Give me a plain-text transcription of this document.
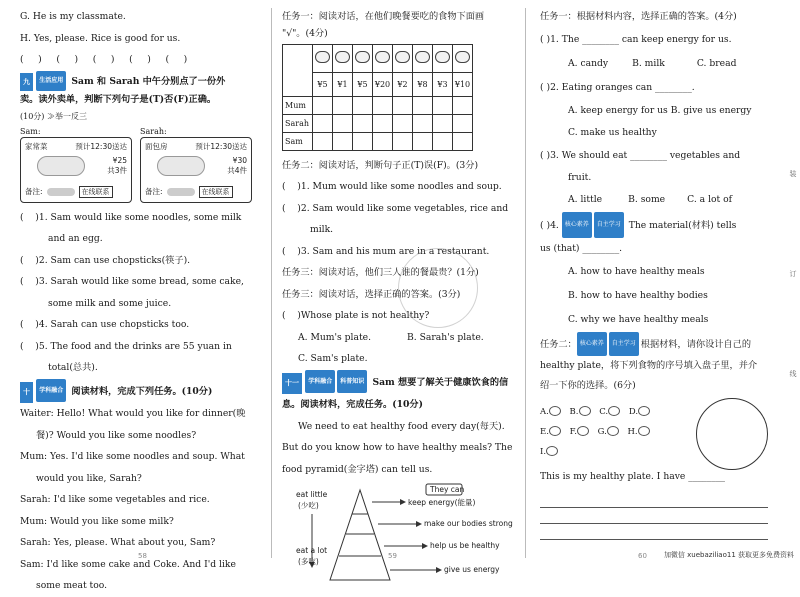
G. He is my classmate.
H. Yes, please. Rice is good for us.
(     )     (     )     (     )     (     )     (     )
九 生活应用 Sam 和 Sarah 中午分别点了一份外
卖。读外卖单，判断下列句子是(T)否(F)正确。
(10分) ≫举一反三
Sam:
家常菜	预计12:30送达
¥25
共3件
备注:	在线联系
Sarah:
面包房	预计12:30送达
¥30
共4件
备注:	在线联系
(    )1. Sam would like some noodles, some milk
and an egg.
(    )2. Sam can use chopsticks(筷子).
(    )3. Sarah would like some bread, some cake,
some milk and some juice.
(    )4. Sarah can use chopsticks too.
(    )5. The food and the drinks are 55 yuan in
total(总共).
十 学科融合 阅读材料，完成下列任务。(10分)
Waiter: Hello! What would you like for dinner(晚
餐)? Would you like some noodles?
Mum: Yes. I'd like some noodles and soup. What
would you like, Sarah?
Sarah: I'd like some vegetables and rice.
Mum: Would you like some milk?
Sarah: Yes, please. What about you, Sam?
Sam: I'd like some cake and Coke. And I'd like
some meat too.
58
任务一：阅读对话，在他们晚餐要吃的食物下面画
"√"。(4分)

	¥5	¥1	¥5	¥20	¥2	¥8	¥3	¥10
Mum								
Sarah								
Sam								
任务二：阅读对话，判断句子正(T)误(F)。(3分)
(    )1. Mum would like some noodles and soup.
(    )2. Sam would like some vegetables, rice and
milk.
(    )3. Sam and his mum are in a restaurant.
任务三：阅读对话，他们三人谁的餐最贵？(1分)
任务三：阅读对话，选择正确的答案。(3分)
(    )Whose plate is not healthy?
A. Mum's plate.	B. Sarah's plate.
C. Sam's plate.
十一 学科融合 科普知识 Sam 想要了解关于健康饮食的信
息。阅读材料，完成任务。(10分)
We need to eat healthy food every day(每天).
But do you know how to have healthy meals? The
food pyramid(金字塔) can tell us.
eat little
(少吃)
eat a lot
(多吃)
They can
keep energy(能量)
make our bodies strong
help us be healthy
give us energy
59
任务一：根据材料内容，选择正确的答案。(4分)
( )1. The ________ can keep energy for us.
A. candy	B. milk	C. bread
( )2. Eating oranges can ________.
A. keep energy for us B. give us energy
C. make us healthy
( )3. We should eat ________ vegetables and
fruit.
A. little	B. some C. a lot of
( )4. 核心素养 自主学习 The material(材料) tells
us (that) ________.
A. how to have healthy meals
B. how to have healthy bodies
C. why we have healthy meals
任务二： 核心素养 自主学习 根据材料，请你设计自己的
healthy plate，将下列食物的序号填入盘子里，并介
绍一下你的选择。(6分)
A. B. C. D.
E. F. G. H.
I.
This is my healthy plate. I have ________
60
装
订
线
加微信 xuebaziliao11 获取更多免费资料
